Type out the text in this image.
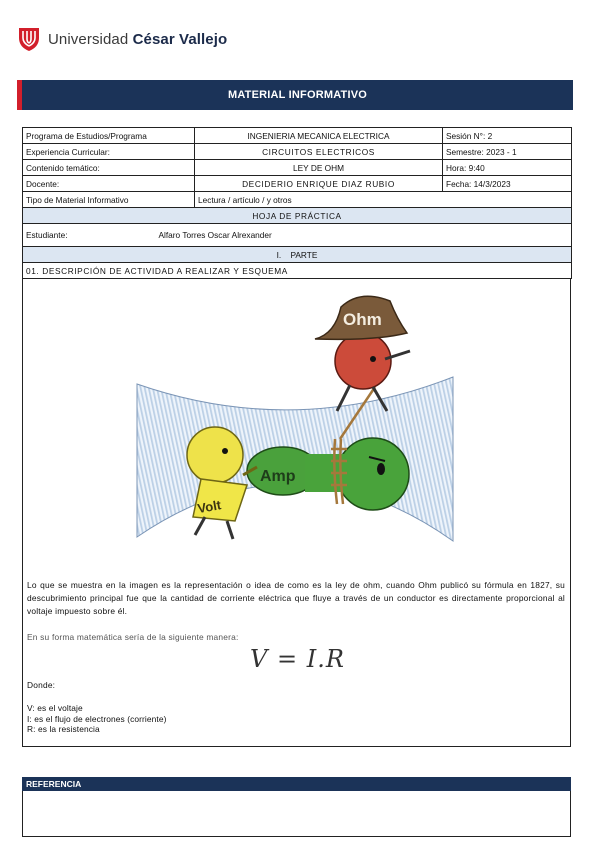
Universidad César Vallejo
MATERIAL INFORMATIVO
Programa de Estudios/Programa	INGENIERIA MECANICA ELECTRICA	Sesión N°: 2
Experiencia Curricular:	CIRCUITOS ELECTRICOS	Semestre: 2023 - 1
Contenido temático:	LEY DE OHM	Hora: 9:40
Docente:	DECIDERIO ENRIQUE DIAZ RUBIO	Fecha: 14/3/2023
Tipo de Material Informativo	Lectura / artículo / y otros	
HOJA DE PRÁCTICA		
Estudiante:	Alfaro Torres Oscar Alrexander	
I.    PARTE		
01. DESCRIPCIÓN DE ACTIVIDAD A REALIZAR Y ESQUEMA		
Amp
Ohm
Volt
Lo que se muestra en la imagen es la representación o idea de como es la ley de ohm, cuando Ohm publicó su fórmula en 1827, su descubrimiento principal fue que la cantidad de corriente eléctrica que fluye a través de un conductor es directamente proporcional al voltaje impuesto sobre él.
En su forma matemática sería de la siguiente manera:
V = I.R
Donde:
V: es el voltaje
I: es el flujo de electrones (corriente)
R: es la resistencia
REFERENCIA
